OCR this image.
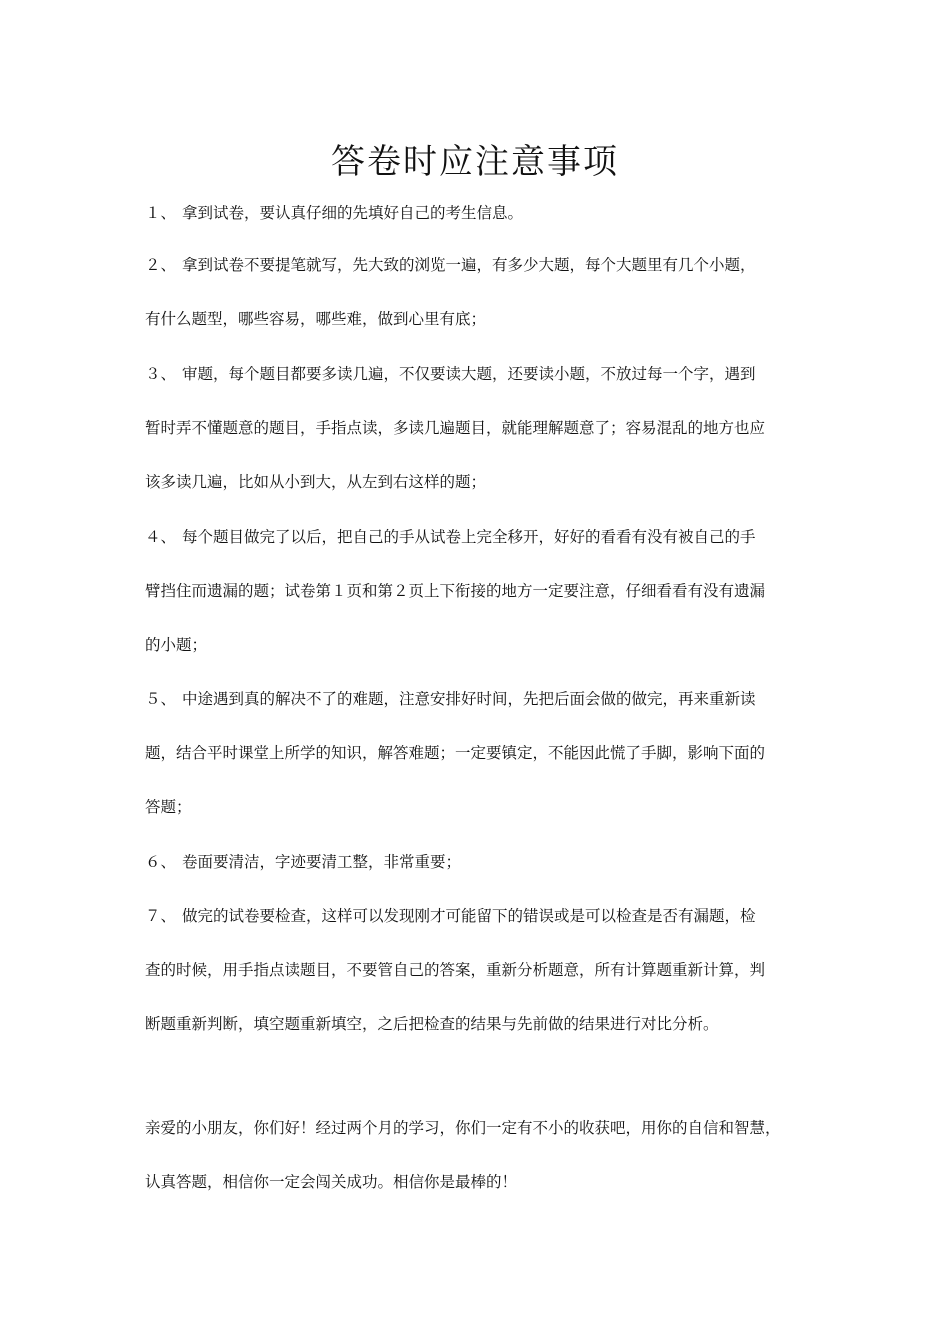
答卷时应注意事项
１、 拿到试卷，要认真仔细的先填好自己的考生信息。
２、 拿到试卷不要提笔就写，先大致的浏览一遍，有多少大题，每个大题里有几个小题，
有什么题型，哪些容易，哪些难，做到心里有底；
３、 审题，每个题目都要多读几遍，不仅要读大题，还要读小题，不放过每一个字，遇到
暂时弄不懂题意的题目，手指点读，多读几遍题目，就能理解题意了；容易混乱的地方也应
该多读几遍，比如从小到大，从左到右这样的题；
４、 每个题目做完了以后，把自己的手从试卷上完全移开，好好的看看有没有被自己的手
臂挡住而遗漏的题；试卷第１页和第２页上下衔接的地方一定要注意，仔细看看有没有遗漏
的小题；
５、 中途遇到真的解决不了的难题，注意安排好时间，先把后面会做的做完，再来重新读
题，结合平时课堂上所学的知识，解答难题；一定要镇定，不能因此慌了手脚，影响下面的
答题；
６、 卷面要清洁，字迹要清工整，非常重要；
７、 做完的试卷要检查，这样可以发现刚才可能留下的错误或是可以检查是否有漏题，检
查的时候，用手指点读题目，不要管自己的答案，重新分析题意，所有计算题重新计算，判
断题重新判断，填空题重新填空，之后把检查的结果与先前做的结果进行对比分析。
亲爱的小朋友，你们好！经过两个月的学习，你们一定有不小的收获吧，用你的自信和智慧，
认真答题，相信你一定会闯关成功。相信你是最棒的！
